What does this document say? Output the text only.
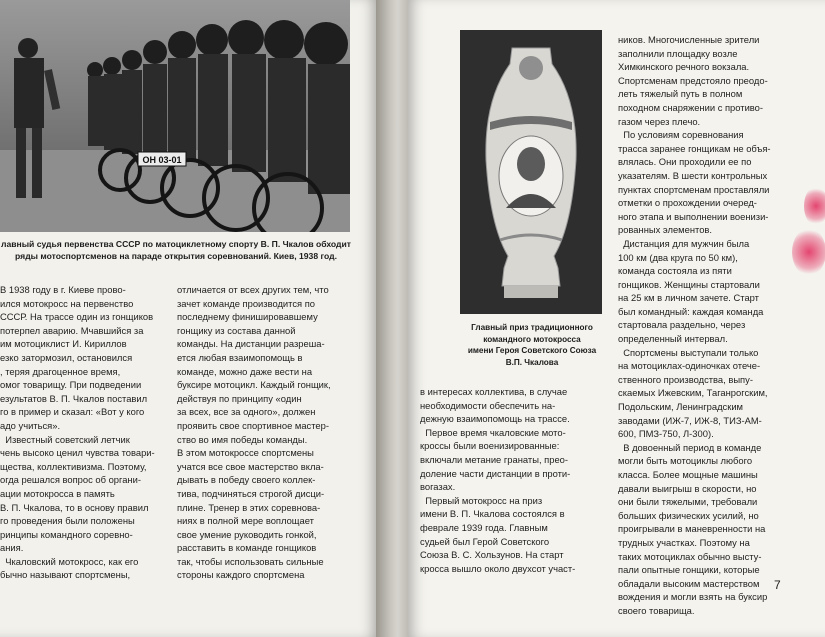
ОН 03-01

лавный судья первенства СССР по матоциклетному спорту В. П. Чкалов обходит
ряды мотоспортсменов на параде открытия соревнований. Киев, 1938 год.

В 1938 году в г. Киеве прово-
ился мотокросс на первенство
СССР. На трассе один из гонщиков
потерпел аварию. Мчавшийся за
им мотоциклист И. Кириллов
езко затормозил, остановился
, теряя драгоценное время,
омог товарищу. При подведении
езультатов В. П. Чкалов поставил
го в пример и сказал: «Вот у кого
адо учиться».
Известный советский летчик
чень высоко ценил чувства товари-
щества, коллективизма. Поэтому,
огда решался вопрос об органи-
ации мотокросса в память
В. П. Чкалова, то в основу правил
го проведения были положены
ринципы командного соревно-
ания.
Чкаловский мотокросс, как его
бычно называют спортсмены,
отличается от всех других тем, что
зачет команде производится по
последнему финишировавшему
гонщику из состава данной
команды. На дистанции разреша-
ется любая взаимопомощь в
команде, можно даже вести на
буксире мотоцикл. Каждый гонщик,
действуя по принципу «один
за всех, все за одного», должен
проявить свое спортивное мастер-
ство во имя победы команды.
В этом мотокроссе спортсмены
учатся все свое мастерство вкла-
дывать в победу своего коллек-
тива, подчиняться строгой дисци-
плине. Тренер в этих соревнова-
ниях в полной мере воплощает
свое умение руководить гонкой,
расставить в команде гонщиков
так, чтобы использовать сильные
стороны каждого спортсмена

Главный приз традиционного
командного мотокросса
имени Героя Советского Союза
В.П. Чкалова

в интересах коллектива, в случае
необходимости обеспечить на-
дежную взаимопомощь на трассе.
Первое время чкаловские мото-
кроссы были военизированные:
включали метание гранаты, прео-
доление части дистанции в проти-
вогазах.
Первый мотокросс на приз
имени В. П. Чкалова состоялся в
феврале 1939 года. Главным
судьей был Герой Советского
Союза В. С. Хользунов. На старт
кросса вышло около двухсот участ-
ников. Многочисленные зрители
заполнили площадку возле
Химкинского речного вокзала.
Спортсменам предстояло преодо-
леть тяжелый путь в полном
походном снаряжении с противо-
газом через плечо.
По условиям соревнования
трасса заранее гонщикам не объя-
влялась. Они проходили ее по
указателям. В шести контрольных
пунктах спортсменам проставляли
отметки о прохождении очеред-
ного этапа и выполнении военизи-
рованных элементов.
Дистанция для мужчин была
100 км (два круга по 50 км),
команда состояла из пяти
гонщиков. Женщины стартовали
на 25 км в личном зачете. Старт
был командный: каждая команда
стартовала раздельно, через
определенный интервал.
Спортсмены выступали только
на мотоциклах-одиночках отече-
ственного производства, выпу-
скаемых Ижевским, Таганрогским,
Подольским, Ленинградским
заводами (ИЖ-7, ИЖ-8, ТИЗ-АМ-
600, ПМЗ-750, Л-300).
В довоенный период в команде
могли быть мотоциклы любого
класса. Более мощные машины
давали выигрыш в скорости, но
они были тяжелыми, требовали
больших физических усилий, но
проигрывали в маневренности на
трудных участках. Поэтому на
таких мотоциклах обычно высту-
пали опытные гонщики, которые
обладали высоким мастерством
вождения и могли взять на буксир
своего товарища.
7
